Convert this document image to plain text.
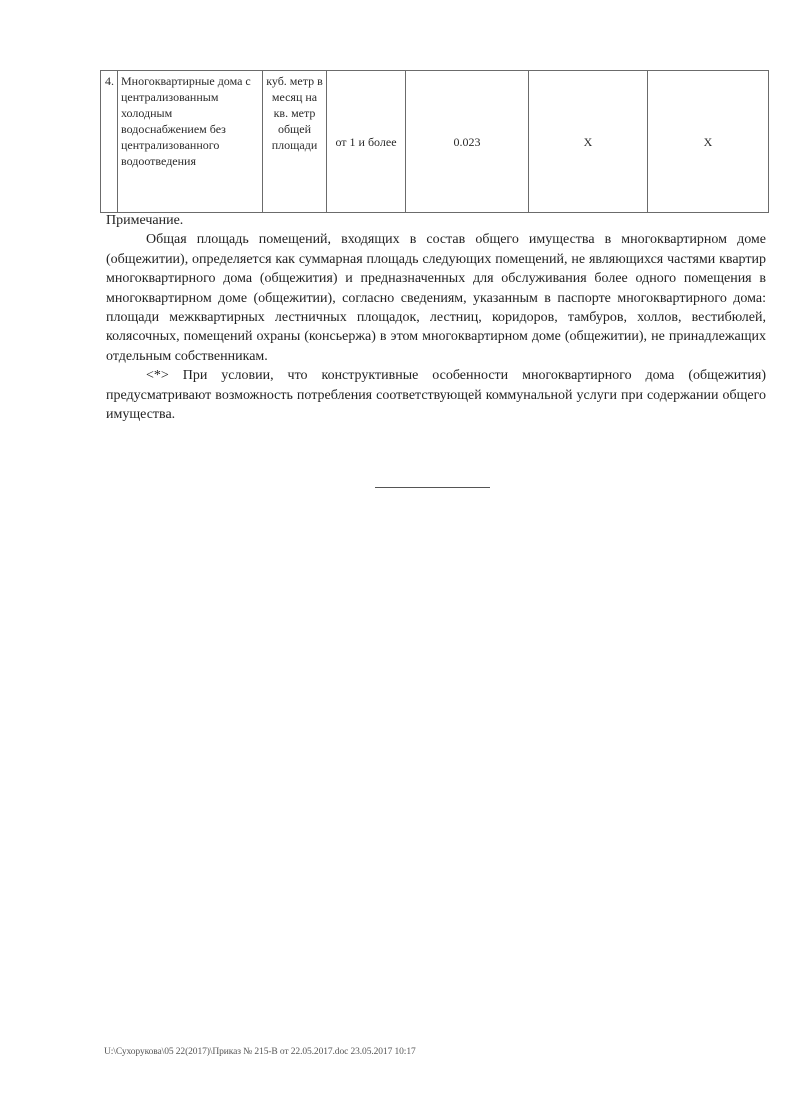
4.	Многоквартирные дома с централизованным холодным водоснабжением без централизованного водоотведения	куб. метр в месяц на кв. метр общей площади	от 1 и более	0.023	X	X

Примечание.

Общая площадь помещений, входящих в состав общего имущества в многоквартирном доме (общежитии), определяется как суммарная площадь следующих помещений, не являющихся частями квартир многоквартирного дома (общежития) и предназначенных для обслуживания более одного помещения в многоквартирном доме (общежитии), согласно сведениям, указанным в паспорте многоквартирного дома: площади межквартирных лестничных площадок, лестниц, коридоров, тамбуров, холлов, вестибюлей, колясочных, помещений охраны (консьержа) в этом многоквартирном доме (общежитии), не принадлежащих отдельным собственникам.

<*> При условии, что конструктивные особенности многоквартирного дома (общежития) предусматривают возможность потребления соответствующей коммунальной услуги при содержании общего имущества.

U:\Сухорукова\05 22(2017)\Приказ № 215-В от 22.05.2017.doc 23.05.2017 10:17
